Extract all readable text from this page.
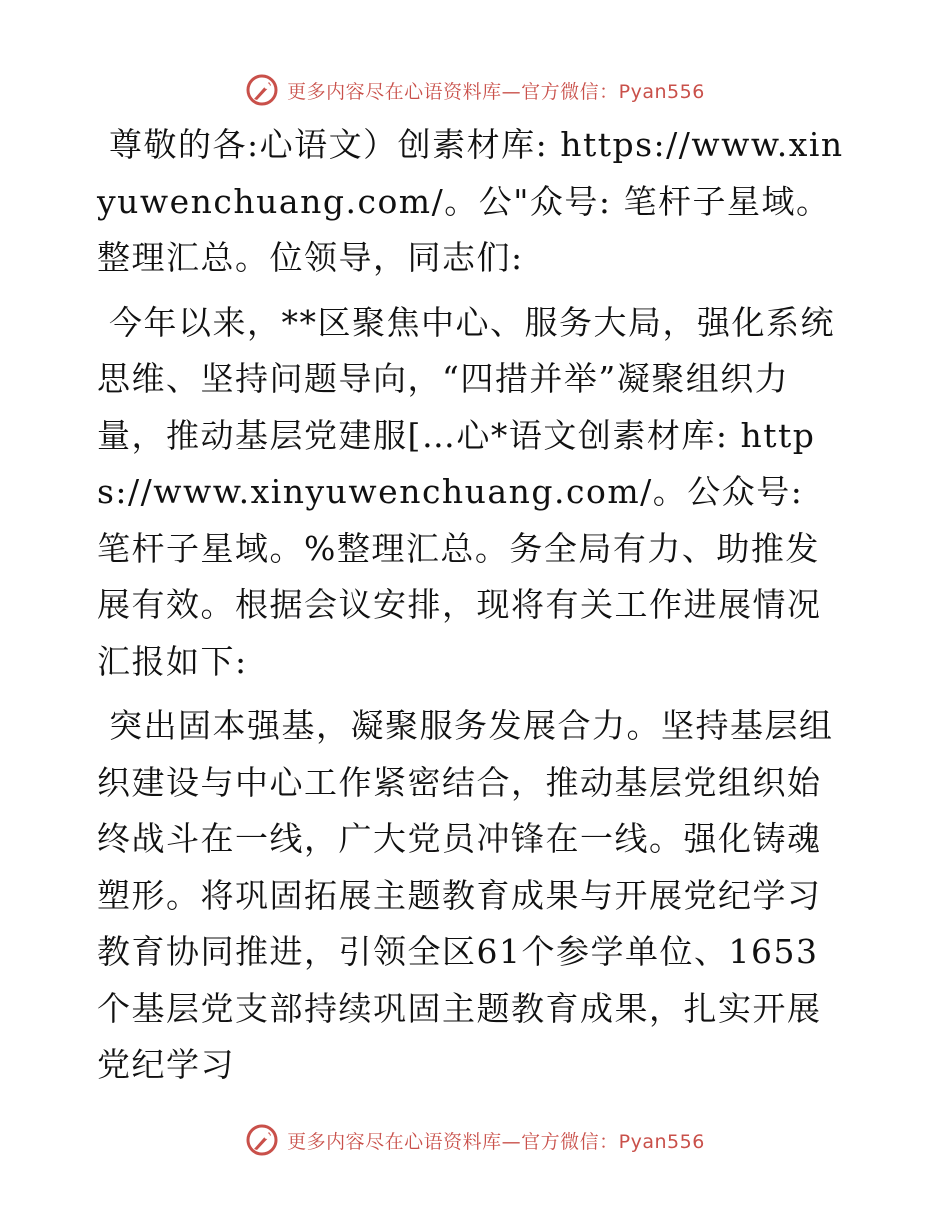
更多内容尽在心语资料库—官方微信：Pyan556

尊敬的各:心语文）创素材库: https://www.xinyuwenchuang.com/。公"众号: 笔杆子星域。整理汇总。位领导，同志们:

今年以来，**区聚焦中心、服务大局，强化系统思维、坚持问题导向，“四措并举”凝聚组织力量，推动基层党建服[…心*语文创素材库: https://www.xinyuwenchuang.com/。公众号: 笔杆子星域。%整理汇总。务全局有力、助推发展有效。根据会议安排，现将有关工作进展情况汇报如下:

突出固本强基，凝聚服务发展合力。坚持基层组织建设与中心工作紧密结合，推动基层党组织始终战斗在一线，广大党员冲锋在一线。强化铸魂塑形。将巩固拓展主题教育成果与开展党纪学习教育协同推进，引领全区61个参学单位、1653个基层党支部持续巩固主题教育成果，扎实开展党纪学习

更多内容尽在心语资料库—官方微信：Pyan556
